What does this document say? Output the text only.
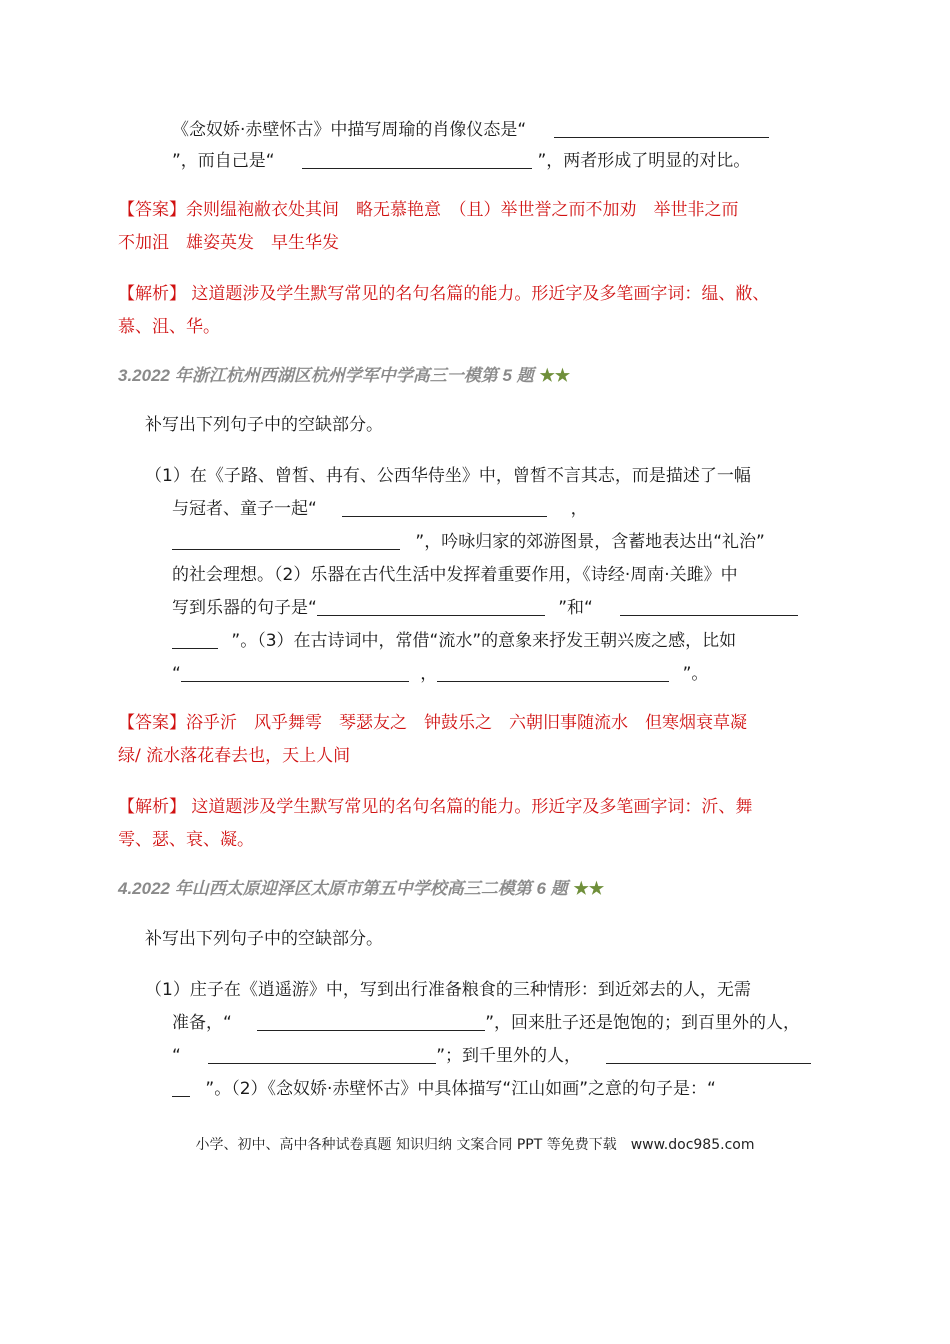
《念奴娇·赤壁怀古》中描写周瑜的肖像仪态是“
”，而自己是“	”，两者形成了明显的对比。
【答案】余则缊袍敝衣处其间　略无慕艳意　（且）举世誉之而不加劝　举世非之而
不加沮　雄姿英发　早生华发
【解析】 这道题涉及学生默写常见的名句名篇的能力。形近字及多笔画字词：缊、敝、
慕、沮、华。
3.2022 年浙江杭州西湖区杭州学军中学高三一模第 5 题 ★★
补写出下列句子中的空缺部分。
（1）在《子路、曾皙、冉有、公西华侍坐》中，曾皙不言其志，而是描述了一幅
与冠者、童子一起“	，
”，吟咏归家的郊游图景，含蓄地表达出“礼治”
的社会理想。（2）乐器在古代生活中发挥着重要作用，《诗经·周南·关雎》中
写到乐器的句子是“	”和“
”。（3）在古诗词中，常借“流水”的意象来抒发王朝兴废之感，比如
“	，	”。
【答案】浴乎沂　风乎舞雩　琴瑟友之　钟鼓乐之　六朝旧事随流水　但寒烟衰草凝
绿/ 流水落花春去也，天上人间
【解析】 这道题涉及学生默写常见的名句名篇的能力。形近字及多笔画字词：沂、舞
雩、瑟、衰、凝。
4.2022 年山西太原迎泽区太原市第五中学校高三二模第 6 题 ★★
补写出下列句子中的空缺部分。
（1）庄子在《逍遥游》中，写到出行准备粮食的三种情形：到近郊去的人，无需
准备，“	”，回来肚子还是饱饱的；到百里外的人，
“	”；到千里外的人，
”。（2）《念奴娇·赤壁怀古》中具体描写“江山如画”之意的句子是：“
小学、初中、高中各种试卷真题 知识归纳 文案合同 PPT 等免费下载　www.doc985.com
